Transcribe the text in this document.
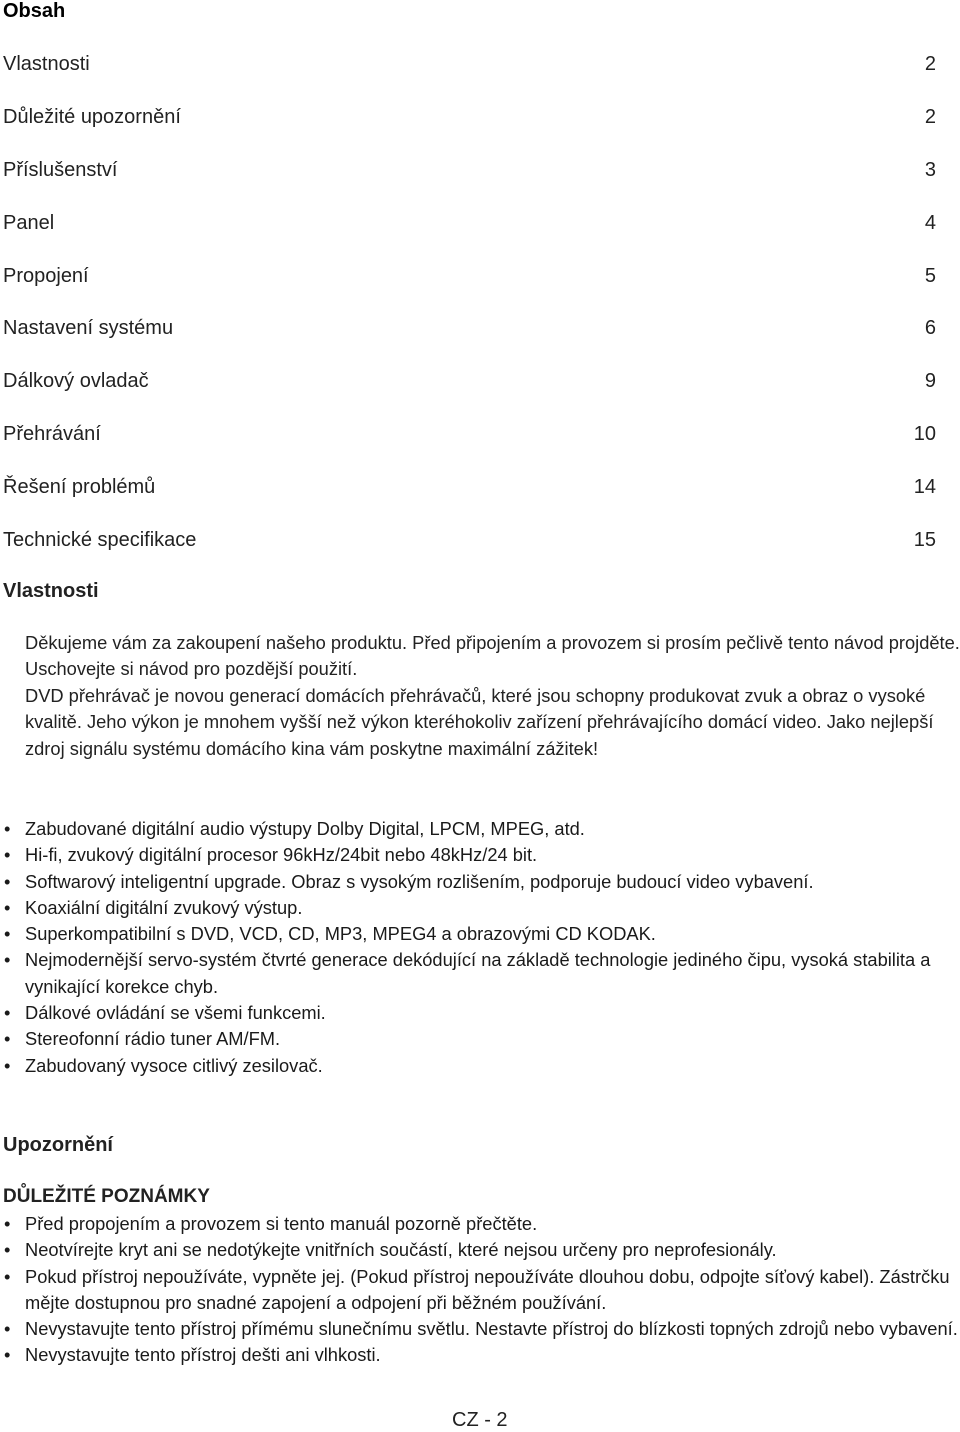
Obsah
Vlastnosti	2
Důležité upozornění	2
Příslušenství	3
Panel	4
Propojení	5
Nastavení systému	6
Dálkový ovladač	9
Přehrávání	10
Řešení problémů	14
Technické specifikace	15
Vlastnosti

Děkujeme vám za zakoupení našeho produktu. Před připojením a provozem si prosím pečlivě tento návod projděte. Uschovejte si návod pro pozdější použití.

DVD přehrávač je novou generací domácích přehrávačů, které jsou schopny produkovat zvuk a obraz o vysoké kvalitě. Jeho výkon je mnohem vyšší než výkon kteréhokoliv zařízení přehrávajícího domácí video. Jako nejlepší zdroj signálu systému domácího kina vám poskytne maximální zážitek!

• Zabudované digitální audio výstupy Dolby Digital, LPCM, MPEG, atd.
• Hi-fi, zvukový digitální procesor 96kHz/24bit nebo 48kHz/24 bit.
• Softwarový inteligentní upgrade. Obraz s vysokým rozlišením, podporuje budoucí video vybavení.
• Koaxiální digitální zvukový výstup.
• Superkompatibilní s DVD, VCD, CD, MP3, MPEG4 a obrazovými CD KODAK.
• Nejmodernější servo-systém čtvrté generace dekódující na základě technologie jediného čipu, vysoká stabilita a vynikající korekce chyb.
• Dálkové ovládání se všemi funkcemi.
• Stereofonní rádio tuner AM/FM.
• Zabudovaný vysoce citlivý zesilovač.
Upozornění
DŮLEŽITÉ POZNÁMKY
• Před propojením a provozem si tento manuál pozorně přečtěte.
• Neotvírejte kryt ani se nedotýkejte vnitřních součástí, které nejsou určeny pro neprofesionály.
• Pokud přístroj nepoužíváte, vypněte jej. (Pokud přístroj nepoužíváte dlouhou dobu, odpojte síťový kabel). Zástrčku mějte dostupnou pro snadné zapojení a odpojení při běžném používání.
• Nevystavujte tento přístroj přímému slunečnímu světlu. Nestavte přístroj do blízkosti topných zdrojů nebo vybavení.
• Nevystavujte tento přístroj dešti ani vlhkosti.
CZ - 2
